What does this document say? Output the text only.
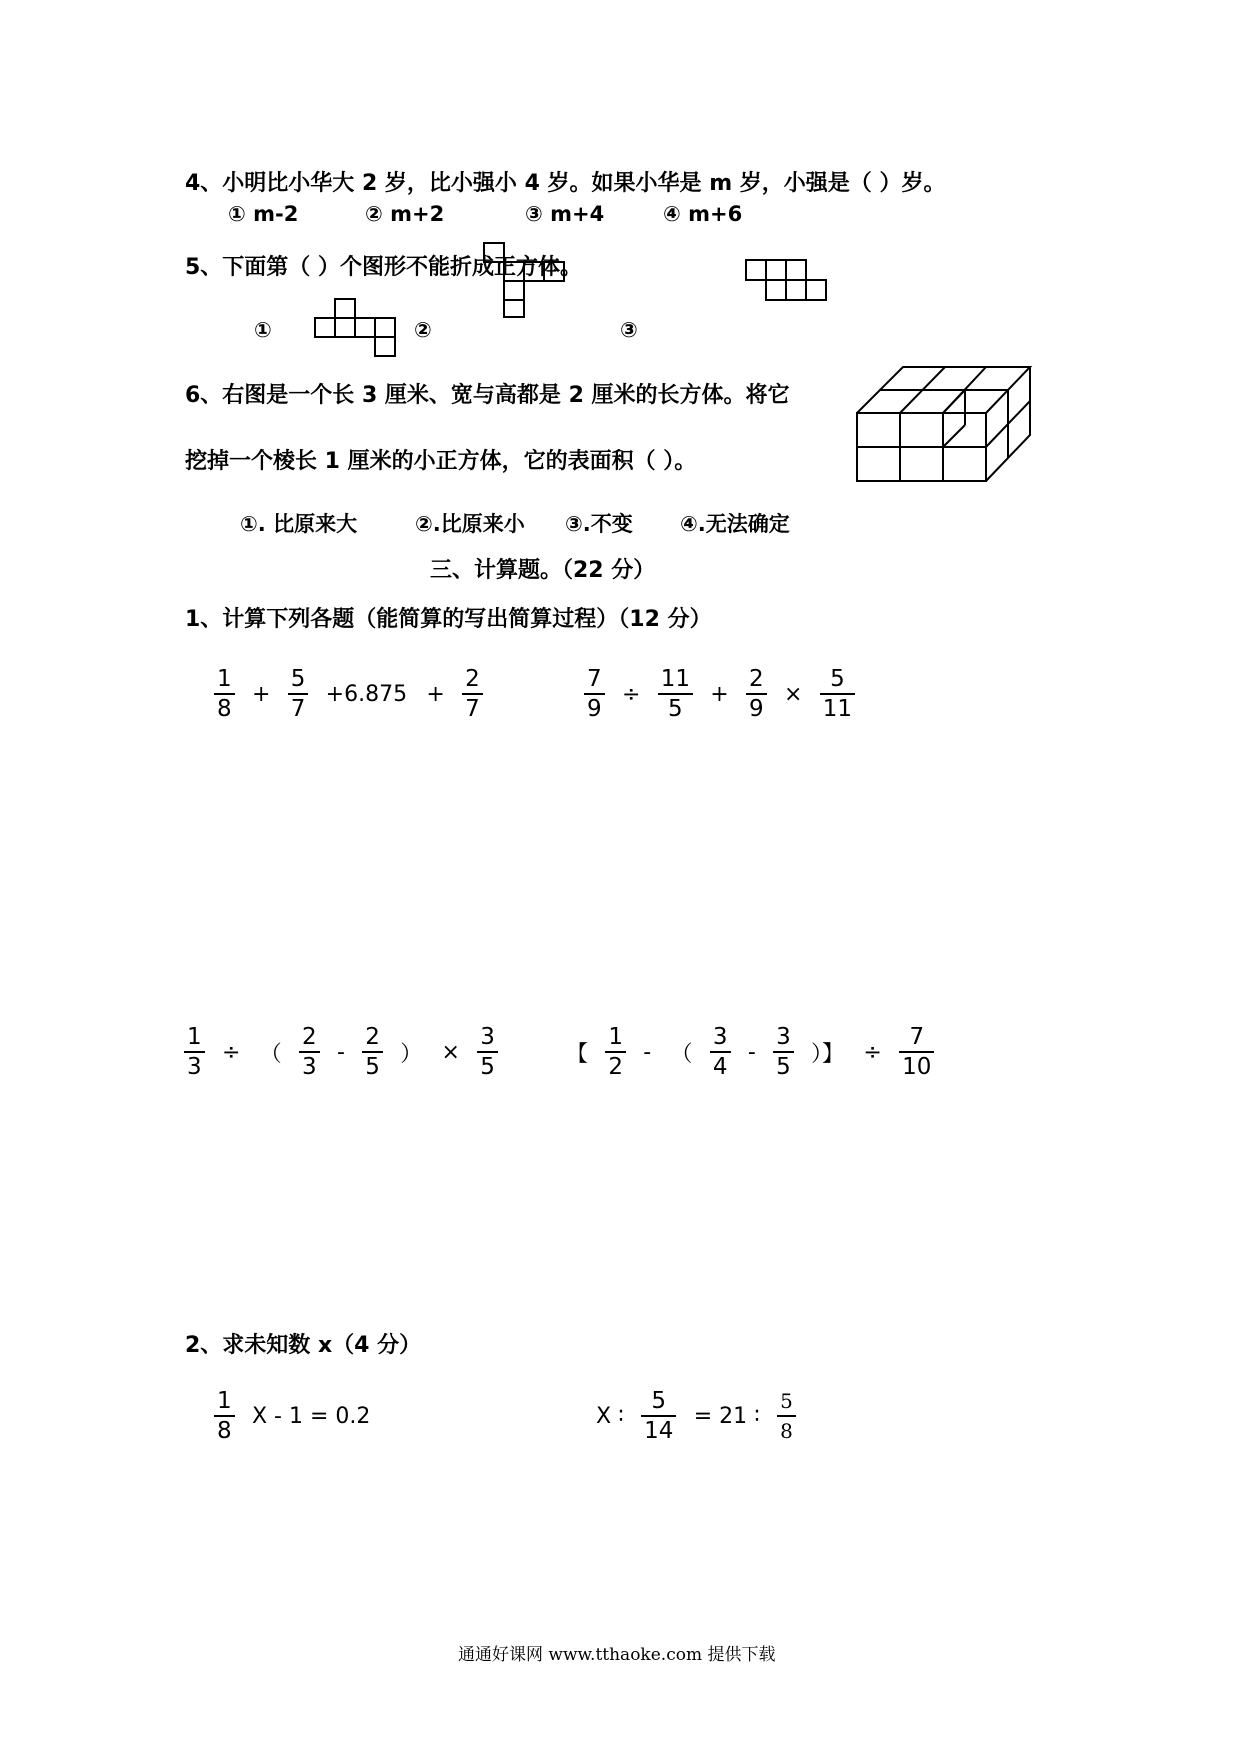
4、小明比小华大 2 岁，比小强小 4 岁。如果小华是 m 岁，小强是（ ）岁。
① m-2	② m+2	③ m+4	④ m+6
5、下面第（ ）个图形不能折成正方体。
①	②	③
6、右图是一个长 3 厘米、宽与高都是 2 厘米的长方体。将它
挖掉一个棱长 1 厘米的小正方体，它的表面积（ ）。
①. 比原来大	②.比原来小 ③.不变 ④.无法确定
三、计算题。（22 分）
1、计算下列各题（能简算的写出简算过程）（12 分）
$\frac{1}{8} + \frac{5}{7} +6.875 + \frac{2}{7}$	$\frac{7}{9} \div \frac{11}{5} + \frac{2}{9} \times \frac{5}{11}$
$\frac{1}{3}$ ÷ （ $\frac{2}{3} - \frac{2}{5}$ ） × $\frac{3}{5}$	【 $\frac{1}{2}$ - （ $\frac{3}{4} - \frac{3}{5}$ ）】 ÷ $\frac{7}{10}$
2、求未知数 x（4 分）
$\frac{1}{8}$ X - 1 = 0.2	X ∶ $\frac{5}{14} = 21$ ∶ $\frac{5}{8}$
通通好课网 www.tthaoke.com 提供下载
